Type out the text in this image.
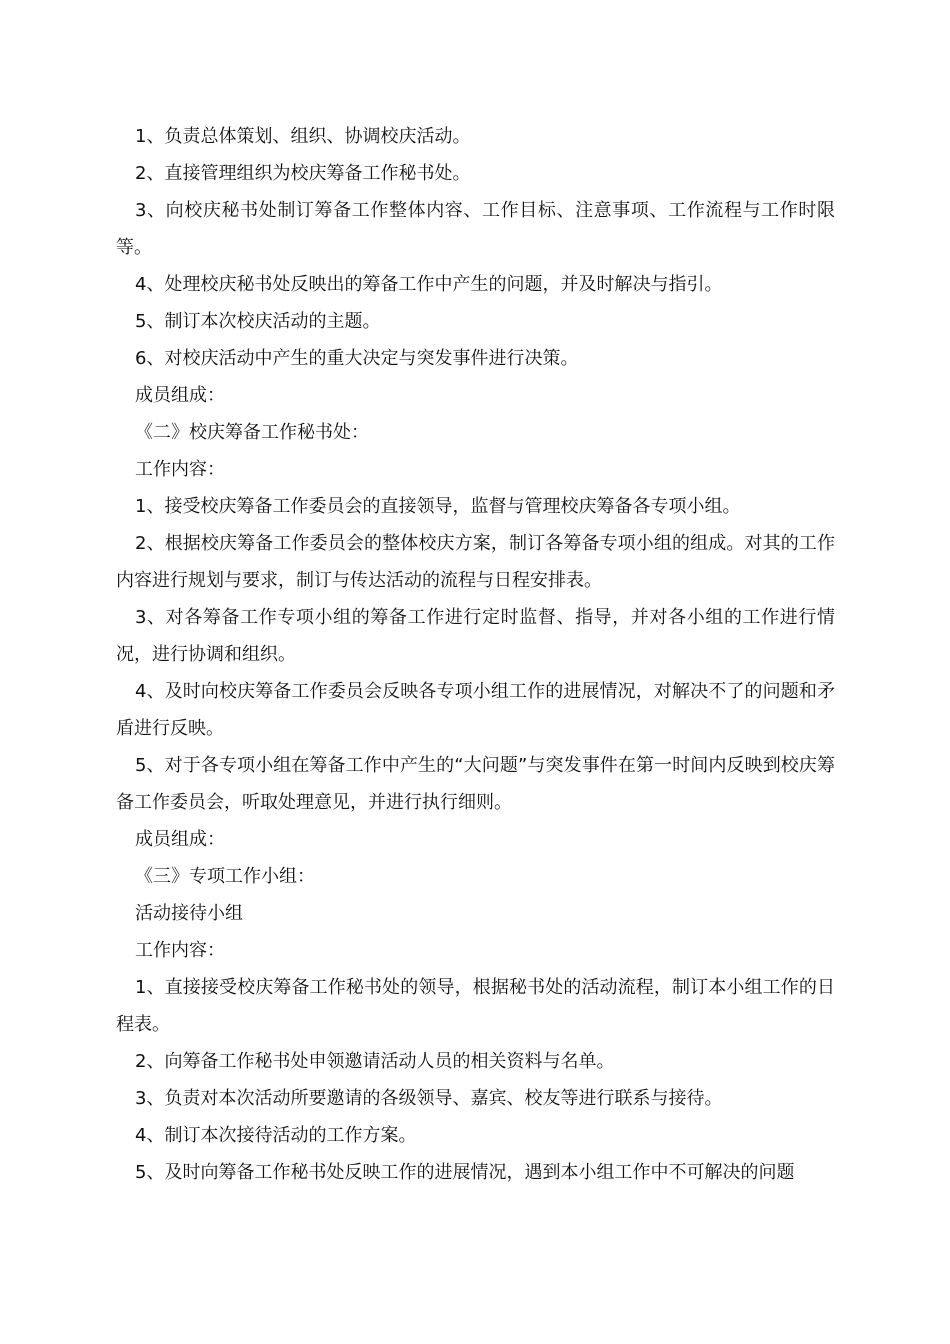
1、负责总体策划、组织、协调校庆活动。

2、直接管理组织为校庆筹备工作秘书处。

3、向校庆秘书处制订筹备工作整体内容、工作目标、注意事项、工作流程与工作时限等。

4、处理校庆秘书处反映出的筹备工作中产生的问题，并及时解决与指引。

5、制订本次校庆活动的主题。

6、对校庆活动中产生的重大决定与突发事件进行决策。

成员组成：

《二》校庆筹备工作秘书处：

工作内容：

1、接受校庆筹备工作委员会的直接领导，监督与管理校庆筹备各专项小组。

2、根据校庆筹备工作委员会的整体校庆方案，制订各筹备专项小组的组成。对其的工作内容进行规划与要求，制订与传达活动的流程与日程安排表。

3、对各筹备工作专项小组的筹备工作进行定时监督、指导，并对各小组的工作进行情况，进行协调和组织。

4、及时向校庆筹备工作委员会反映各专项小组工作的进展情况，对解决不了的问题和矛盾进行反映。

5、对于各专项小组在筹备工作中产生的“大问题”与突发事件在第一时间内反映到校庆筹备工作委员会，听取处理意见，并进行执行细则。

成员组成：

《三》专项工作小组：

活动接待小组

工作内容：

1、直接接受校庆筹备工作秘书处的领导，根据秘书处的活动流程，制订本小组工作的日程表。

2、向筹备工作秘书处申领邀请活动人员的相关资料与名单。

3、负责对本次活动所要邀请的各级领导、嘉宾、校友等进行联系与接待。

4、制订本次接待活动的工作方案。

5、及时向筹备工作秘书处反映工作的进展情况，遇到本小组工作中不可解决的问题
